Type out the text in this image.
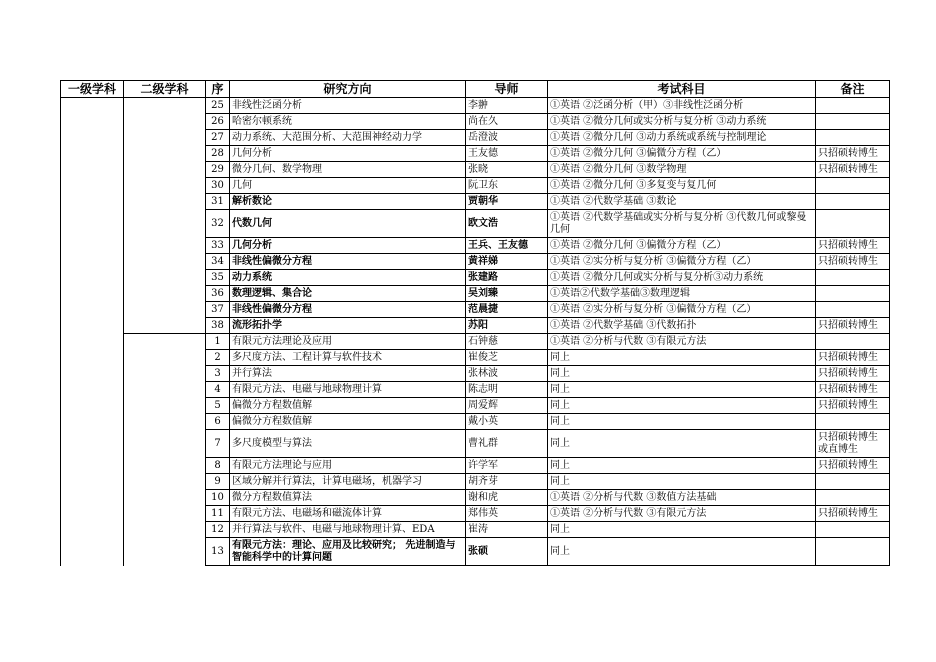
一级学科	二级学科	序	研究方向	导师	考试科目	备注
		25	非线性泛函分析	李翀	①英语 ②泛函分析（甲）③非线性泛函分析	
		26	哈密尔顿系统	尚在久	①英语 ②微分几何或实分析与复分析 ③动力系统	
		27	动力系统、大范围分析、大范围神经动力学	岳澄波	①英语 ②微分几何 ③动力系统或系统与控制理论	
		28	几何分析	王友德	①英语 ②微分几何 ③偏微分方程（乙）	只招硕转博生
		29	微分几何、数学物理	张晓	①英语 ②微分几何 ③数学物理	只招硕转博生
		30	几何	阮卫东	①英语 ②微分几何 ③多复变与复几何	
		31	解析数论	贾朝华	①英语 ②代数学基础 ③数论	
		32	代数几何	欧文浩	①英语 ②代数学基础或实分析与复分析 ③代数几何或黎曼几何	
		33	几何分析	王兵、王友德	①英语 ②微分几何 ③偏微分方程（乙）	只招硕转博生
		34	非线性偏微分方程	黄祥娣	①英语 ②实分析与复分析 ③偏微分方程（乙）	只招硕转博生
		35	动力系统	张建路	①英语 ②微分几何或实分析与复分析③动力系统	
		36	数理逻辑、集合论	吴刘臻	①英语②代数学基础③数理逻辑	
		37	非线性偏微分方程	范晨捷	①英语 ②实分析与复分析 ③偏微分方程（乙）	
		38	流形拓扑学	苏阳	①英语 ②代数学基础 ③代数拓扑	只招硕转博生
		1	有限元方法理论及应用	石钟慈	①英语 ②分析与代数 ③有限元方法	
		2	多尺度方法、工程计算与软件技术	崔俊芝	同上	只招硕转博生
		3	并行算法	张林波	同上	只招硕转博生
		4	有限元方法、电磁与地球物理计算	陈志明	同上	只招硕转博生
		5	偏微分方程数值解	周爱辉	同上	只招硕转博生
		6	偏微分方程数值解	戴小英	同上	
		7	多尺度模型与算法	曹礼群	同上	只招硕转博生或直博生
		8	有限元方法理论与应用	许学军	同上	只招硕转博生
		9	区域分解并行算法，计算电磁场，机器学习	胡齐芽	同上	
		10	微分方程数值算法	谢和虎	①英语 ②分析与代数 ③数值方法基础	
		11	有限元方法、电磁场和磁流体计算	郑伟英	①英语 ②分析与代数 ③有限元方法	只招硕转博生
		12	并行算法与软件、电磁与地球物理计算、EDA	崔涛	同上	
		13	有限元方法：理论、应用及比较研究； 先进制造与智能科学中的计算问题	张硕	同上	
